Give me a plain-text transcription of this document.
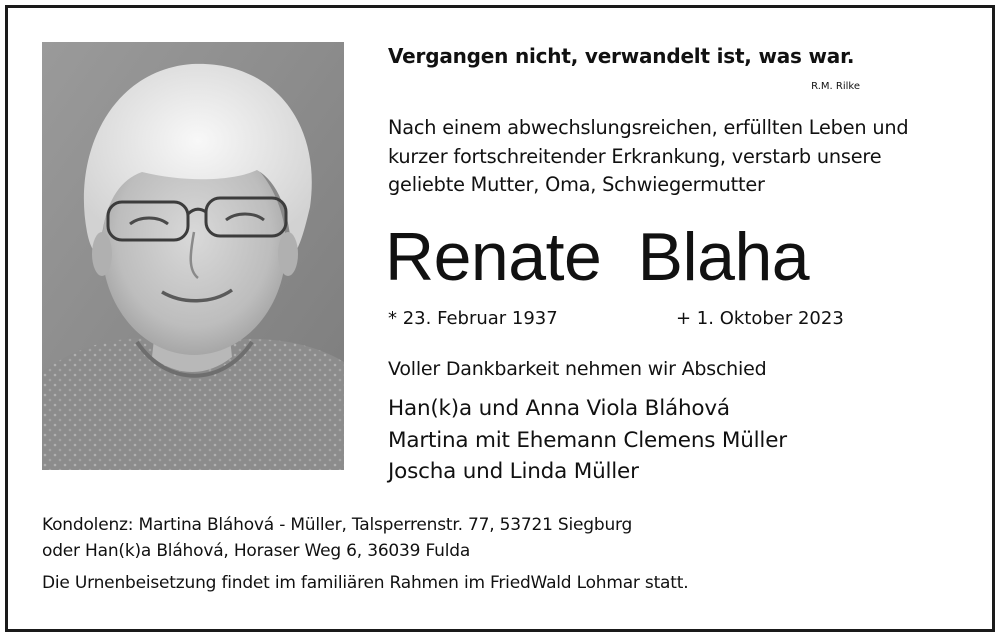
Vergangen nicht, verwandelt ist, was war.
R.M. Rilke
Nach einem abwechslungsreichen, erfüllten Leben und
kurzer fortschreitender Erkrankung, verstarb unsere
geliebte Mutter, Oma, Schwiegermutter
Renate Blaha
* 23. Februar 1937	+ 1. Oktober 2023
Voller Dankbarkeit nehmen wir Abschied
Han(k)a und Anna Viola Bláhová
Martina mit Ehemann Clemens Müller
Joscha und Linda Müller
Kondolenz: Martina Bláhová - Müller, Talsperrenstr. 77, 53721 Siegburg
oder Han(k)a Bláhová, Horaser Weg 6, 36039 Fulda
Die Urnenbeisetzung findet im familiären Rahmen im FriedWald Lohmar statt.
